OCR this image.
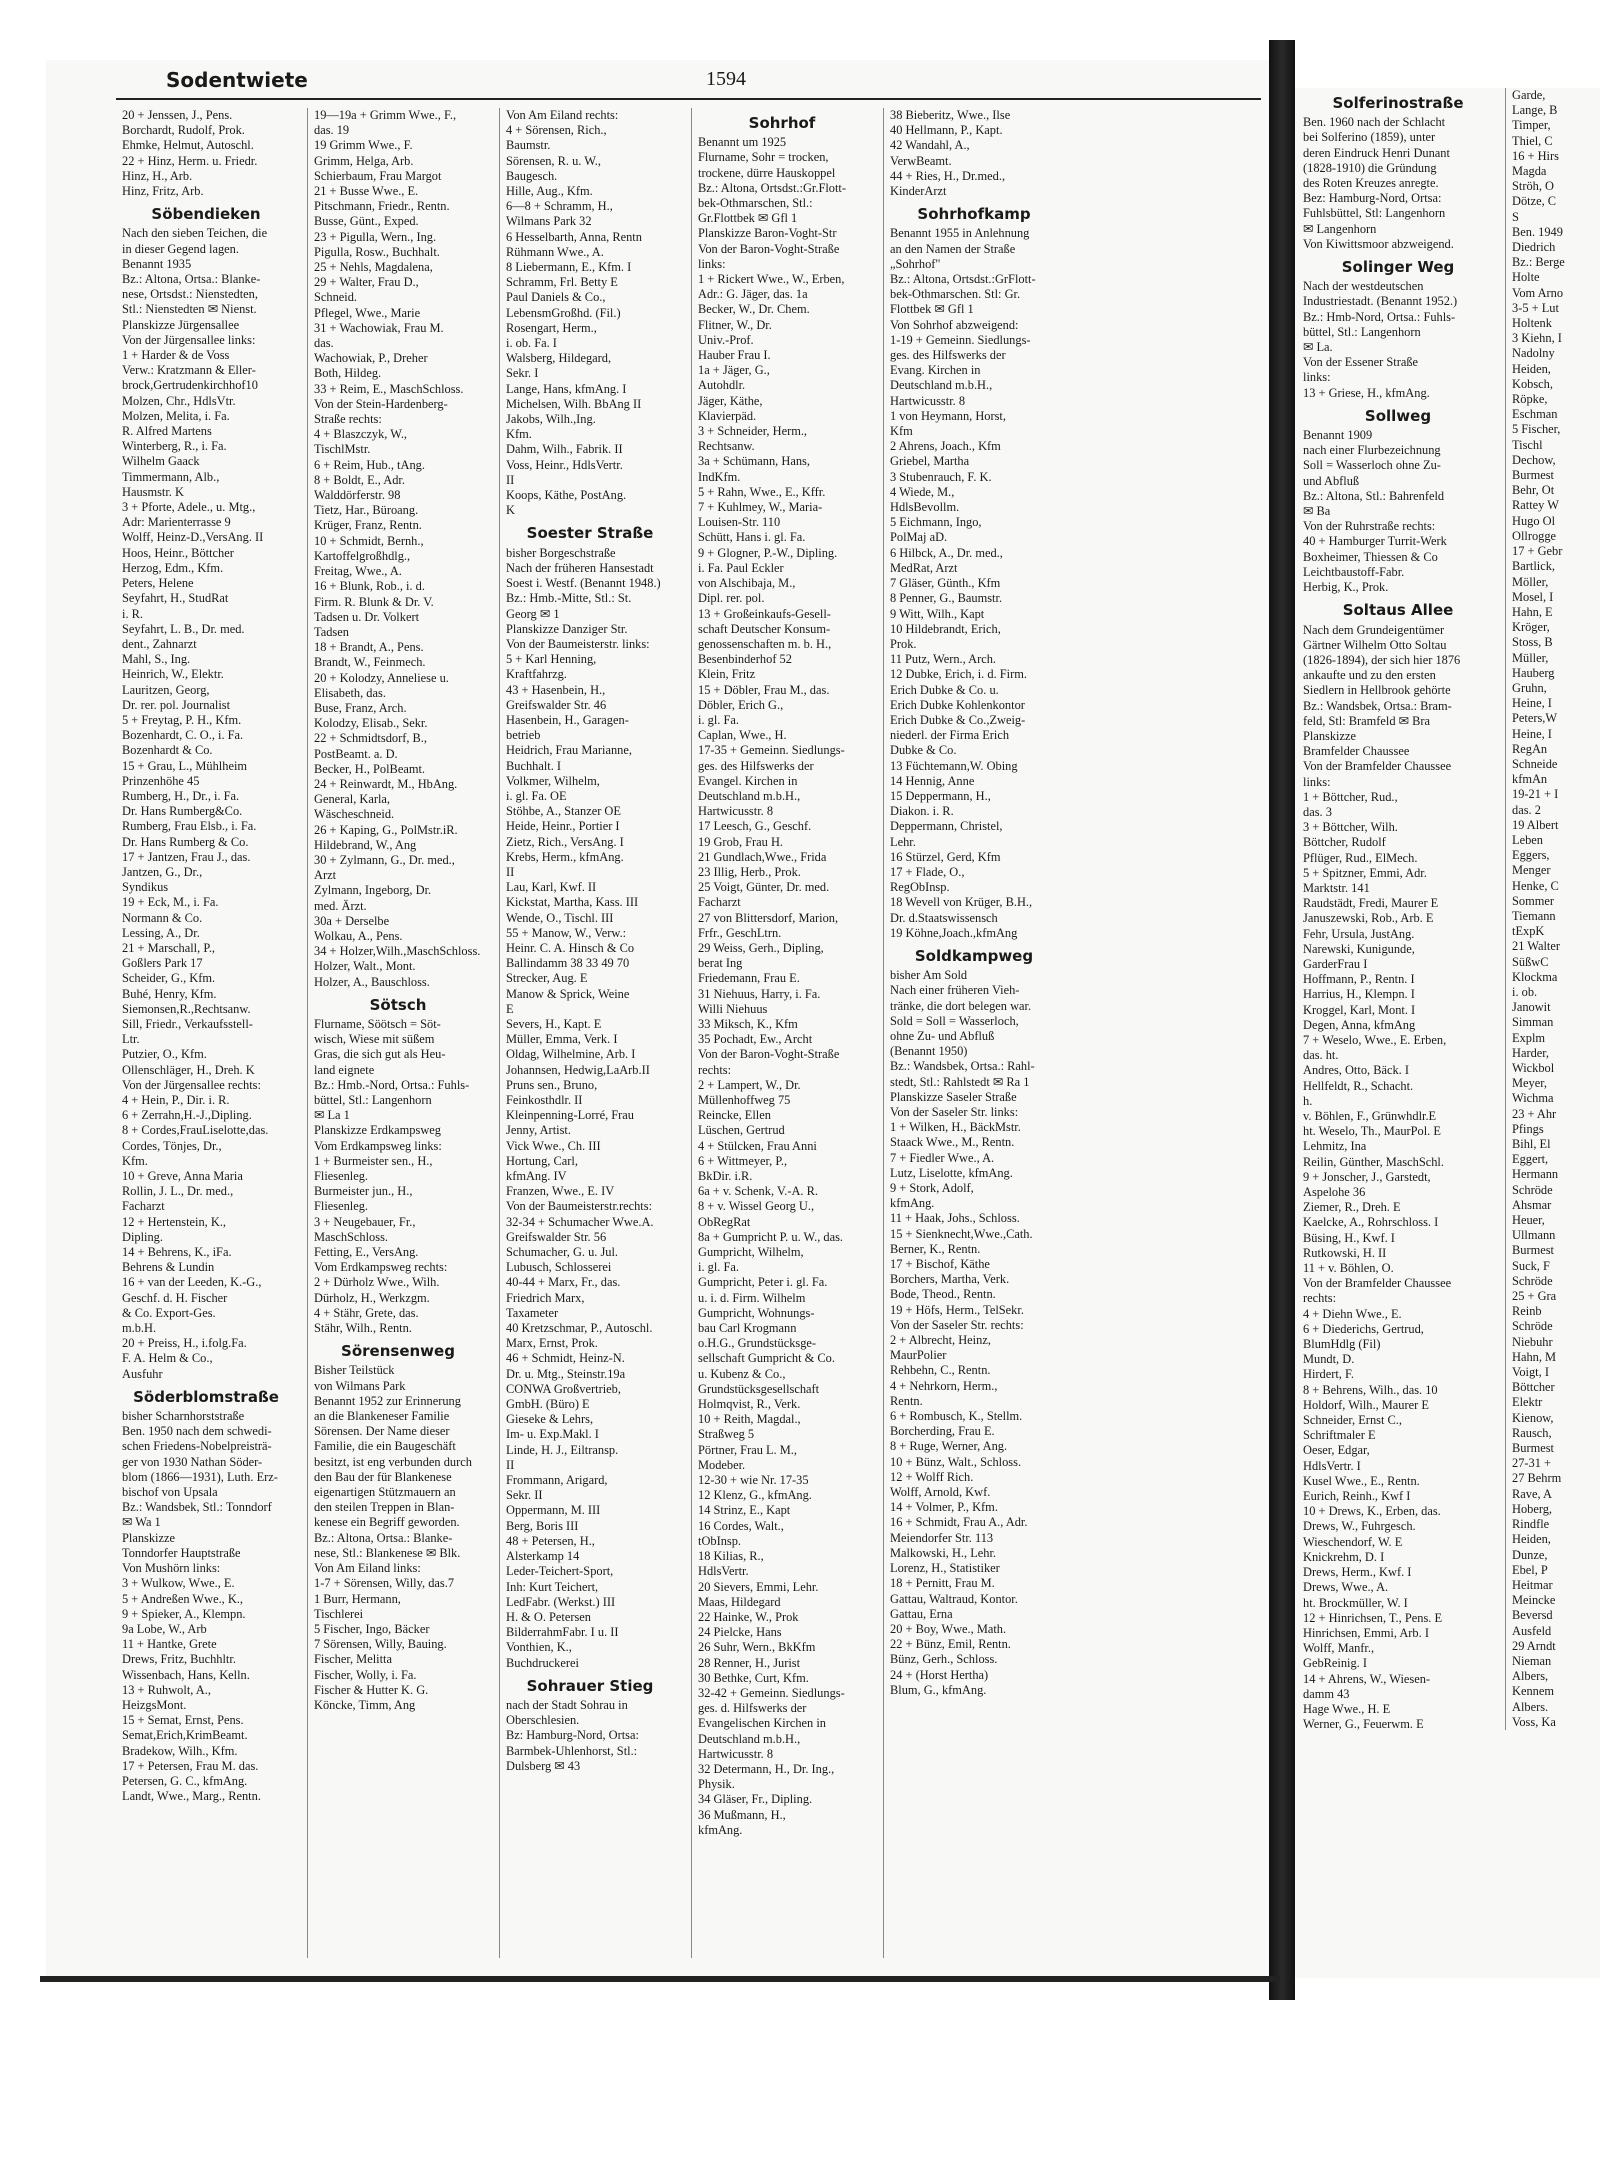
Sodentwiete	1594
20 + Jenssen, J., Pens.
Borchardt, Rudolf, Prok.
Ehmke, Helmut, Autoschl.
22 + Hinz, Herm. u. Friedr.
Hinz, H., Arb.
Hinz, Fritz, Arb.
Söbendieken
Nach den sieben Teichen, die
in dieser Gegend lagen.
Benannt 1935
Bz.: Altona, Ortsa.: Blanke-
nese, Ortsdst.: Nienstedten,
Stl.: Nienstedten ✉ Nienst.
Planskizze Jürgensallee
Von der Jürgensallee links:
1 + Harder & de Voss
Verw.: Kratzmann & Eller-
brock,Gertrudenkirchhof10
Molzen, Chr., HdlsVtr.
Molzen, Melita, i. Fa.
R. Alfred Martens
Winterberg, R., i. Fa.
Wilhelm Gaack
Timmermann, Alb.,
Hausmstr. K
3 + Pforte, Adele., u. Mtg.,
Adr: Marienterrasse 9
Wolff, Heinz-D.,VersAng. II
Hoos, Heinr., Böttcher
Herzog, Edm., Kfm.
Peters, Helene
Seyfahrt, H., StudRat
i. R.
Seyfahrt, L. B., Dr. med.
dent., Zahnarzt
Mahl, S., Ing.
Heinrich, W., Elektr.
Lauritzen, Georg,
Dr. rer. pol. Journalist
5 + Freytag, P. H., Kfm.
Bozenhardt, C. O., i. Fa.
Bozenhardt & Co.
15 + Grau, L., Mühlheim
Prinzenhöhe 45
Rumberg, H., Dr., i. Fa.
Dr. Hans Rumberg&Co.
Rumberg, Frau Elsb., i. Fa.
Dr. Hans Rumberg & Co.
17 + Jantzen, Frau J., das.
Jantzen, G., Dr.,
Syndikus
19 + Eck, M., i. Fa.
Normann & Co.
Lessing, A., Dr.
21 + Marschall, P.,
Goßlers Park 17
Scheider, G., Kfm.
Buhé, Henry, Kfm.
Siemonsen,R.,Rechtsanw.
Sill, Friedr., Verkaufsstell-
Ltr.
Putzier, O., Kfm.
Ollenschläger, H., Dreh. K
Von der Jürgensallee rechts:
4 + Hein, P., Dir. i. R.
6 + Zerrahn,H.-J.,Dipling.
8 + Cordes,FrauLiselotte,das.
Cordes, Tönjes, Dr.,
Kfm.
10 + Greve, Anna Maria
Rollin, J. L., Dr. med.,
Facharzt
12 + Hertenstein, K.,
Dipling.
14 + Behrens, K., iFa.
Behrens & Lundin
16 + van der Leeden, K.-G.,
Geschf. d. H. Fischer
& Co. Export-Ges.
m.b.H.
20 + Preiss, H., i.folg.Fa.
F. A. Helm & Co.,
Ausfuhr
Söderblomstraße
bisher Scharnhorststraße
Ben. 1950 nach dem schwedi-
schen Friedens-Nobelpreisträ-
ger von 1930 Nathan Söder-
blom (1866—1931), Luth. Erz-
bischof von Upsala
Bz.: Wandsbek, Stl.: Tonndorf
✉ Wa 1
Planskizze
Tonndorfer Hauptstraße
Von Mushörn links:
3 + Wulkow, Wwe., E.
5 + Andreßen Wwe., K.,
9 + Spieker, A., Klempn.
9a Lobe, W., Arb
11 + Hantke, Grete
Drews, Fritz, Buchhltr.
Wissenbach, Hans, Kelln.
13 + Ruhwolt, A.,
HeizgsMont.
15 + Semat, Ernst, Pens.
Semat,Erich,KrimBeamt.
Bradekow, Wilh., Kfm.
17 + Petersen, Frau M. das.
Petersen, G. C., kfmAng.
Landt, Wwe., Marg., Rentn.
19—19a + Grimm Wwe., F.,
das. 19
19 Grimm Wwe., F.
Grimm, Helga, Arb.
Schierbaum, Frau Margot
21 + Busse Wwe., E.
Pitschmann, Friedr., Rentn.
Busse, Günt., Exped.
23 + Pigulla, Wern., Ing.
Pigulla, Rosw., Buchhalt.
25 + Nehls, Magdalena,
29 + Walter, Frau D.,
Schneid.
Pflegel, Wwe., Marie
31 + Wachowiak, Frau M.
das.
Wachowiak, P., Dreher
Both, Hildeg.
33 + Reim, E., MaschSchloss.
Von der Stein-Hardenberg-
Straße rechts:
4 + Blaszczyk, W.,
TischlMstr.
6 + Reim, Hub., tAng.
8 + Boldt, E., Adr.
Walddörferstr. 98
Tietz, Har., Büroang.
Krüger, Franz, Rentn.
10 + Schmidt, Bernh.,
Kartoffelgroßhdlg.,
Freitag, Wwe., A.
16 + Blunk, Rob., i. d.
Firm. R. Blunk & Dr. V.
Tadsen u. Dr. Volkert
Tadsen
18 + Brandt, A., Pens.
Brandt, W., Feinmech.
20 + Kolodzy, Anneliese u.
Elisabeth, das.
Buse, Franz, Arch.
Kolodzy, Elisab., Sekr.
22 + Schmidtsdorf, B.,
PostBeamt. a. D.
Becker, H., PolBeamt.
24 + Reinwardt, M., HbAng.
General, Karla,
Wäscheschneid.
26 + Kaping, G., PolMstr.iR.
Hildebrand, W., Ang
30 + Zylmann, G., Dr. med.,
Arzt
Zylmann, Ingeborg, Dr.
med. Ärzt.
30a + Derselbe
Wolkau, A., Pens.
34 + Holzer,Wilh.,MaschSchloss.
Holzer, Walt., Mont.
Holzer, A., Bauschloss.
Sötsch
Flurname, Söötsch = Söt-
wisch, Wiese mit süßem
Gras, die sich gut als Heu-
land eignete
Bz.: Hmb.-Nord, Ortsa.: Fuhls-
büttel, Stl.: Langenhorn
✉ La 1
Planskizze Erdkampsweg
Vom Erdkampsweg links:
1 + Burmeister sen., H.,
Fliesenleg.
Burmeister jun., H.,
Fliesenleg.
3 + Neugebauer, Fr.,
MaschSchloss.
Fetting, E., VersAng.
Vom Erdkampsweg rechts:
2 + Dürholz Wwe., Wilh.
Dürholz, H., Werkzgm.
4 + Stähr, Grete, das.
Stähr, Wilh., Rentn.
Sörensenweg
Bisher Teilstück
von Wilmans Park
Benannt 1952 zur Erinnerung
an die Blankeneser Familie
Sörensen. Der Name dieser
Familie, die ein Baugeschäft
besitzt, ist eng verbunden durch
den Bau der für Blankenese
eigenartigen Stützmauern an
den steilen Treppen in Blan-
kenese ein Begriff geworden.
Bz.: Altona, Ortsa.: Blanke-
nese, Stl.: Blankenese ✉ Blk.
Von Am Eiland links:
1-7 + Sörensen, Willy, das.7
1 Burr, Hermann,
Tischlerei
5 Fischer, Ingo, Bäcker
7 Sörensen, Willy, Bauing.
Fischer, Melitta
Fischer, Wolly, i. Fa.
Fischer & Hutter K. G.
Köncke, Timm, Ang
Von Am Eiland rechts:
4 + Sörensen, Rich.,
Baumstr.
Sörensen, R. u. W.,
Baugesch.
Hille, Aug., Kfm.
6—8 + Schramm, H.,
Wilmans Park 32
6 Hesselbarth, Anna, Rentn
Rühmann Wwe., A.
8 Liebermann, E., Kfm. I
Schramm, Frl. Betty E
Paul Daniels & Co.,
LebensmGroßhd. (Fil.)
Rosengart, Herm.,
i. ob. Fa. I
Walsberg, Hildegard,
Sekr. I
Lange, Hans, kfmAng. I
Michelsen, Wilh. BbAng II
Jakobs, Wilh.,Ing.
Kfm.
Dahm, Wilh., Fabrik. II
Voss, Heinr., HdlsVertr.
II
Koops, Käthe, PostAng.
K
Soester Straße
bisher Borgeschstraße
Nach der früheren Hansestadt
Soest i. Westf. (Benannt 1948.)
Bz.: Hmb.-Mitte, Stl.: St.
Georg ✉ 1
Planskizze Danziger Str.
Von der Baumeisterstr. links:
5 + Karl Henning,
Kraftfahrzg.
43 + Hasenbein, H.,
Greifswalder Str. 46
Hasenbein, H., Garagen-
betrieb
Heidrich, Frau Marianne,
Buchhalt. I
Volkmer, Wilhelm,
i. gl. Fa. OE
Stöhbe, A., Stanzer OE
Heide, Heinr., Portier I
Zietz, Rich., VersAng. I
Krebs, Herm., kfmAng.
II
Lau, Karl, Kwf. II
Kickstat, Martha, Kass. III
Wende, O., Tischl. III
55 + Manow, W., Verw.:
Heinr. C. A. Hinsch & Co
Ballindamm 38 33 49 70
Strecker, Aug. E
Manow & Sprick, Weine
E
Severs, H., Kapt. E
Müller, Emma, Verk. I
Oldag, Wilhelmine, Arb. I
Johannsen, Hedwig,LaArb.II
Pruns sen., Bruno,
Feinkosthdlr. II
Kleinpenning-Lorré, Frau
Jenny, Artist.
Vick Wwe., Ch. III
Hortung, Carl,
kfmAng. IV
Franzen, Wwe., E. IV
Von der Baumeisterstr.rechts:
32-34 + Schumacher Wwe.A.
Greifswalder Str. 56
Schumacher, G. u. Jul.
Lubusch, Schlosserei
40-44 + Marx, Fr., das.
Friedrich Marx,
Taxameter
40 Kretzschmar, P., Autoschl.
Marx, Ernst, Prok.
46 + Schmidt, Heinz-N.
Dr. u. Mtg., Steinstr.19a
CONWA Großvertrieb,
GmbH. (Büro) E
Gieseke & Lehrs,
Im- u. Exp.Makl. I
Linde, H. J., Eiltransp.
II
Frommann, Arigard,
Sekr. II
Oppermann, M. III
Berg, Boris III
48 + Petersen, H.,
Alsterkamp 14
Leder-Teichert-Sport,
Inh: Kurt Teichert,
LedFabr. (Werkst.) III
H. & O. Petersen
BilderrahmFabr. I u. II
Vonthien, K.,
Buchdruckerei
Sohrauer Stieg
nach der Stadt Sohrau in
Oberschlesien.
Bz: Hamburg-Nord, Ortsa:
Barmbek-Uhlenhorst, Stl.:
Dulsberg ✉ 43
Sohrhof
Benannt um 1925
Flurname, Sohr = trocken,
trockene, dürre Hauskoppel
Bz.: Altona, Ortsdst.:Gr.Flott-
bek-Othmarschen, Stl.:
Gr.Flottbek ✉ Gfl 1
Planskizze Baron-Voght-Str
Von der Baron-Voght-Straße
links:
1 + Rickert Wwe., W., Erben,
Adr.: G. Jäger, das. 1a
Becker, W., Dr. Chem.
Flitner, W., Dr.
Univ.-Prof.
Hauber Frau I.
1a + Jäger, G.,
Autohdlr.
Jäger, Käthe,
Klavierpäd.
3 + Schneider, Herm.,
Rechtsanw.
3a + Schümann, Hans,
IndKfm.
5 + Rahn, Wwe., E., Kffr.
7 + Kuhlmey, W., Maria-
Louisen-Str. 110
Schütt, Hans i. gl. Fa.
9 + Glogner, P.-W., Dipling.
i. Fa. Paul Eckler
von Alschibaja, M.,
Dipl. rer. pol.
13 + Großeinkaufs-Gesell-
schaft Deutscher Konsum-
genossenschaften m. b. H.,
Besenbinderhof 52
Klein, Fritz
15 + Döbler, Frau M., das.
Döbler, Erich G.,
i. gl. Fa.
Caplan, Wwe., H.
17-35 + Gemeinn. Siedlungs-
ges. des Hilfswerks der
Evangel. Kirchen in
Deutschland m.b.H.,
Hartwicusstr. 8
17 Leesch, G., Geschf.
19 Grob, Frau H.
21 Gundlach,Wwe., Frida
23 Illig, Herb., Prok.
25 Voigt, Günter, Dr. med.
Facharzt
27 von Blittersdorf, Marion,
Frfr., GeschLtrn.
29 Weiss, Gerh., Dipling,
berat Ing
Friedemann, Frau E.
31 Niehuus, Harry, i. Fa.
Willi Niehuus
33 Miksch, K., Kfm
35 Pochadt, Ew., Archt
Von der Baron-Voght-Straße
rechts:
2 + Lampert, W., Dr.
Müllenhoffweg 75
Reincke, Ellen
Lüschen, Gertrud
4 + Stülcken, Frau Anni
6 + Wittmeyer, P.,
BkDir. i.R.
6a + v. Schenk, V.-A. R.
8 + v. Wissel Georg U.,
ObRegRat
8a + Gumpricht P. u. W., das.
Gumpricht, Wilhelm,
i. gl. Fa.
Gumpricht, Peter i. gl. Fa.
u. i. d. Firm. Wilhelm
Gumpricht, Wohnungs-
bau Carl Krogmann
o.H.G., Grundstücksge-
sellschaft Gumpricht & Co.
u. Kubenz & Co.,
Grundstücksgesellschaft
Holmqvist, R., Verk.
10 + Reith, Magdal.,
Straßweg 5
Pörtner, Frau L. M.,
Modeber.
12-30 + wie Nr. 17-35
12 Klenz, G., kfmAng.
14 Strinz, E., Kapt
16 Cordes, Walt.,
tObInsp.
18 Kilias, R.,
HdlsVertr.
20 Sievers, Emmi, Lehr.
Maas, Hildegard
22 Hainke, W., Prok
24 Pielcke, Hans
26 Suhr, Wern., BkKfm
28 Renner, H., Jurist
30 Bethke, Curt, Kfm.
32-42 + Gemeinn. Siedlungs-
ges. d. Hilfswerks der
Evangelischen Kirchen in
Deutschland m.b.H.,
Hartwicusstr. 8
32 Determann, H., Dr. Ing.,
Physik.
34 Gläser, Fr., Dipling.
36 Mußmann, H.,
kfmAng.
38 Bieberitz, Wwe., Ilse
40 Hellmann, P., Kapt.
42 Wandahl, A.,
VerwBeamt.
44 + Ries, H., Dr.med.,
KinderArzt
Sohrhofkamp
Benannt 1955 in Anlehnung
an den Namen der Straße
„Sohrhof"
Bz.: Altona, Ortsdst.:GrFlott-
bek-Othmarschen. Stl: Gr.
Flottbek ✉ Gfl 1
Von Sohrhof abzweigend:
1-19 + Gemeinn. Siedlungs-
ges. des Hilfswerks der
Evang. Kirchen in
Deutschland m.b.H.,
Hartwicusstr. 8
1 von Heymann, Horst,
Kfm
2 Ahrens, Joach., Kfm
Griebel, Martha
3 Stubenrauch, F. K.
4 Wiede, M.,
HdlsBevollm.
5 Eichmann, Ingo,
PolMaj aD.
6 Hilbck, A., Dr. med.,
MedRat, Arzt
7 Gläser, Günth., Kfm
8 Penner, G., Baumstr.
9 Witt, Wilh., Kapt
10 Hildebrandt, Erich,
Prok.
11 Putz, Wern., Arch.
12 Dubke, Erich, i. d. Firm.
Erich Dubke & Co. u.
Erich Dubke Kohlenkontor
Erich Dubke & Co.,Zweig-
niederl. der Firma Erich
Dubke & Co.
13 Füchtemann,W. Obing
14 Hennig, Anne
15 Deppermann, H.,
Diakon. i. R.
Deppermann, Christel,
Lehr.
16 Stürzel, Gerd, Kfm
17 + Flade, O.,
RegObInsp.
18 Wevell von Krüger, B.H.,
Dr. d.Staatswissensch
19 Köhne,Joach.,kfmAng
Soldkampweg
bisher Am Sold
Nach einer früheren Vieh-
tränke, die dort belegen war.
Sold = Soll = Wasserloch,
ohne Zu- und Abfluß
(Benannt 1950)
Bz.: Wandsbek, Ortsa.: Rahl-
stedt, Stl.: Rahlstedt ✉ Ra 1
Planskizze Saseler Straße
Von der Saseler Str. links:
1 + Wilken, H., BäckMstr.
Staack Wwe., M., Rentn.
7 + Fiedler Wwe., A.
Lutz, Liselotte, kfmAng.
9 + Stork, Adolf,
kfmAng.
11 + Haak, Johs., Schloss.
15 + Sienknecht,Wwe.,Cath.
Berner, K., Rentn.
17 + Bischof, Käthe
Borchers, Martha, Verk.
Bode, Theod., Rentn.
19 + Höfs, Herm., TelSekr.
Von der Saseler Str. rechts:
2 + Albrecht, Heinz,
MaurPolier
Rehbehn, C., Rentn.
4 + Nehrkorn, Herm.,
Rentn.
6 + Rombusch, K., Stellm.
Borcherding, Frau E.
8 + Ruge, Werner, Ang.
10 + Bünz, Walt., Schloss.
12 + Wolff Rich.
Wolff, Arnold, Kwf.
14 + Volmer, P., Kfm.
16 + Schmidt, Frau A., Adr.
Meiendorfer Str. 113
Malkowski, H., Lehr.
Lorenz, H., Statistiker
18 + Pernitt, Frau M.
Gattau, Waltraud, Kontor.
Gattau, Erna
20 + Boy, Wwe., Math.
22 + Bünz, Emil, Rentn.
Bünz, Gerh., Schloss.
24 + (Horst Hertha)
Blum, G., kfmAng.
Solferinostraße
Ben. 1960 nach der Schlacht
bei Solferino (1859), unter
deren Eindruck Henri Dunant
(1828-1910) die Gründung
des Roten Kreuzes anregte.
Bez: Hamburg-Nord, Ortsa:
Fuhlsbüttel, Stl: Langenhorn
✉ Langenhorn
Von Kiwittsmoor abzweigend.
Solinger Weg
Nach der westdeutschen
Industriestadt. (Benannt 1952.)
Bz.: Hmb-Nord, Ortsa.: Fuhls-
büttel, Stl.: Langenhorn
✉ La.
Von der Essener Straße
links:
13 + Griese, H., kfmAng.
Sollweg
Benannt 1909
nach einer Flurbezeichnung
Soll = Wasserloch ohne Zu-
und Abfluß
Bz.: Altona, Stl.: Bahrenfeld
✉ Ba
Von der Ruhrstraße rechts:
40 + Hamburger Turrit-Werk
Boxheimer, Thiessen & Co
Leichtbaustoff-Fabr.
Herbig, K., Prok.
Soltaus Allee
Nach dem Grundeigentümer
Gärtner Wilhelm Otto Soltau
(1826-1894), der sich hier 1876
ankaufte und zu den ersten
Siedlern in Hellbrook gehörte
Bz.: Wandsbek, Ortsa.: Bram-
feld, Stl: Bramfeld ✉ Bra
Planskizze
Bramfelder Chaussee
Von der Bramfelder Chaussee
links:
1 + Böttcher, Rud.,
das. 3
3 + Böttcher, Wilh.
Böttcher, Rudolf
Pflüger, Rud., ElMech.
5 + Spitzner, Emmi, Adr.
Marktstr. 141
Raudstädt, Fredi, Maurer E
Januszewski, Rob., Arb. E
Fehr, Ursula, JustAng.
Narewski, Kunigunde,
GarderFrau I
Hoffmann, P., Rentn. I
Harrius, H., Klempn. I
Kroggel, Karl, Mont. I
Degen, Anna, kfmAng
7 + Weselo, Wwe., E. Erben,
das. ht.
Andres, Otto, Bäck. I
Hellfeldt, R., Schacht.
h.
v. Böhlen, F., Grünwhdlr.E
ht. Weselo, Th., MaurPol. E
Lehmitz, Ina
Reilin, Günther, MaschSchl.
9 + Jonscher, J., Garstedt,
Aspelohe 36
Ziemer, R., Dreh. E
Kaelcke, A., Rohrschloss. I
Büsing, H., Kwf. I
Rutkowski, H. II
11 + v. Böhlen, O.
Von der Bramfelder Chaussee
rechts:
4 + Diehn Wwe., E.
6 + Diederichs, Gertrud,
BlumHdlg (Fil)
Mundt, D.
Hirdert, F.
8 + Behrens, Wilh., das. 10
Holdorf, Wilh., Maurer E
Schneider, Ernst C.,
Schriftmaler E
Oeser, Edgar,
HdlsVertr. I
Kusel Wwe., E., Rentn.
Eurich, Reinh., Kwf I
10 + Drews, K., Erben, das.
Drews, W., Fuhrgesch.
Wieschendorf, W. E
Knickrehm, D. I
Drews, Herm., Kwf. I
Drews, Wwe., A.
ht. Brockmüller, W. I
12 + Hinrichsen, T., Pens. E
Hinrichsen, Emmi, Arb. I
Wolff, Manfr.,
GebReinig. I
14 + Ahrens, W., Wiesen-
damm 43
Hage Wwe., H. E
Werner, G., Feuerwm. E
Garde,
Lange, B
Timper,
Thiel, C
16 + Hirs
Magda
Ströh, O
Dötze, C
S
Ben. 1949
Diedrich
Bz.: Berge
Holte
Vom Arno
3-5 + Lut
Holtenk
3 Kiehn, I
Nadolny
Heiden,
Kobsch,
Röpke,
Eschman
5 Fischer,
Tischl
Dechow,
Burmest
Behr, Ot
Rattey W
Hugo Ol
Ollrogge
17 + Gebr
Bartlick,
Möller,
Mosel, I
Hahn, E
Kröger,
Stoss, B
Müller,
Hauberg
Gruhn,
Heine, I
Peters,W
Heine, I
RegAn
Schneide
kfmAn
19-21 + I
das. 2
19 Albert
Leben
Eggers,
Menger
Henke, C
Sommer
Tiemann
tExpK
21 Walter
SüßwC
Klockma
i. ob.
Janowit
Simman
Explm
Harder,
Wickbol
Meyer,
Wichma
23 + Ahr
Pfings
Bihl, El
Eggert,
Hermann
Schröde
Ahsmar
Heuer,
Ullmann
Burmest
Suck, F
Schröde
25 + Gra
Reinb
Schröde
Niebuhr
Hahn, M
Voigt, I
Böttcher
Elektr
Kienow,
Rausch,
Burmest
27-31 +
27 Behrm
Rave, A
Hoberg,
Rindfle
Heiden,
Dunze,
Ebel, P
Heitmar
Meincke
Beversd
Ausfeld
29 Arndt
Nieman
Albers,
Kennem
Albers.
Voss, Ka
